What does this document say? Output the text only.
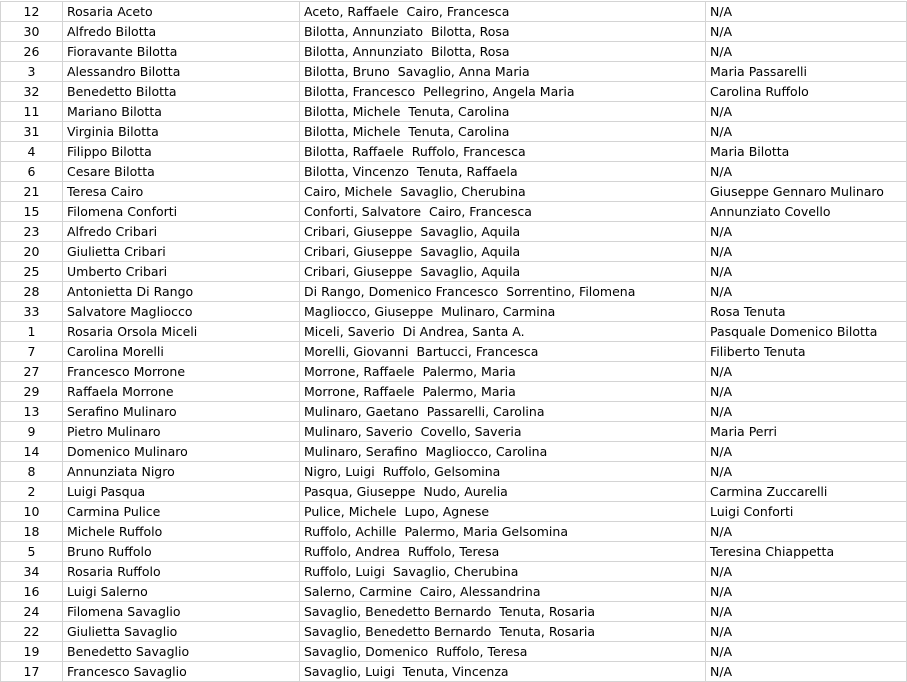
12	Rosaria Aceto	Aceto, Raffaele  Cairo, Francesca	N/A
30	Alfredo Bilotta	Bilotta, Annunziato  Bilotta, Rosa	N/A
26	Fioravante Bilotta	Bilotta, Annunziato  Bilotta, Rosa	N/A
3	Alessandro Bilotta	Bilotta, Bruno  Savaglio, Anna Maria	Maria Passarelli
32	Benedetto Bilotta	Bilotta, Francesco  Pellegrino, Angela Maria	Carolina Ruffolo
11	Mariano Bilotta	Bilotta, Michele  Tenuta, Carolina	N/A
31	Virginia Bilotta	Bilotta, Michele  Tenuta, Carolina	N/A
4	Filippo Bilotta	Bilotta, Raffaele  Ruffolo, Francesca	Maria Bilotta
6	Cesare Bilotta	Bilotta, Vincenzo  Tenuta, Raffaela	N/A
21	Teresa Cairo	Cairo, Michele  Savaglio, Cherubina	Giuseppe Gennaro Mulinaro
15	Filomena Conforti	Conforti, Salvatore  Cairo, Francesca	Annunziato Covello
23	Alfredo Cribari	Cribari, Giuseppe  Savaglio, Aquila	N/A
20	Giulietta Cribari	Cribari, Giuseppe  Savaglio, Aquila	N/A
25	Umberto Cribari	Cribari, Giuseppe  Savaglio, Aquila	N/A
28	Antonietta Di Rango	Di Rango, Domenico Francesco  Sorrentino, Filomena	N/A
33	Salvatore Magliocco	Magliocco, Giuseppe  Mulinaro, Carmina	Rosa Tenuta
1	Rosaria Orsola Miceli	Miceli, Saverio  Di Andrea, Santa A.	Pasquale Domenico Bilotta
7	Carolina Morelli	Morelli, Giovanni  Bartucci, Francesca	Filiberto Tenuta
27	Francesco Morrone	Morrone, Raffaele  Palermo, Maria	N/A
29	Raffaela Morrone	Morrone, Raffaele  Palermo, Maria	N/A
13	Serafino Mulinaro	Mulinaro, Gaetano  Passarelli, Carolina	N/A
9	Pietro Mulinaro	Mulinaro, Saverio  Covello, Saveria	Maria Perri
14	Domenico Mulinaro	Mulinaro, Serafino  Magliocco, Carolina	N/A
8	Annunziata Nigro	Nigro, Luigi  Ruffolo, Gelsomina	N/A
2	Luigi Pasqua	Pasqua, Giuseppe  Nudo, Aurelia	Carmina Zuccarelli
10	Carmina Pulice	Pulice, Michele  Lupo, Agnese	Luigi Conforti
18	Michele Ruffolo	Ruffolo, Achille  Palermo, Maria Gelsomina	N/A
5	Bruno Ruffolo	Ruffolo, Andrea  Ruffolo, Teresa	Teresina Chiappetta
34	Rosaria Ruffolo	Ruffolo, Luigi  Savaglio, Cherubina	N/A
16	Luigi Salerno	Salerno, Carmine  Cairo, Alessandrina	N/A
24	Filomena Savaglio	Savaglio, Benedetto Bernardo  Tenuta, Rosaria	N/A
22	Giulietta Savaglio	Savaglio, Benedetto Bernardo  Tenuta, Rosaria	N/A
19	Benedetto Savaglio	Savaglio, Domenico  Ruffolo, Teresa	N/A
17	Francesco Savaglio	Savaglio, Luigi  Tenuta, Vincenza	N/A
